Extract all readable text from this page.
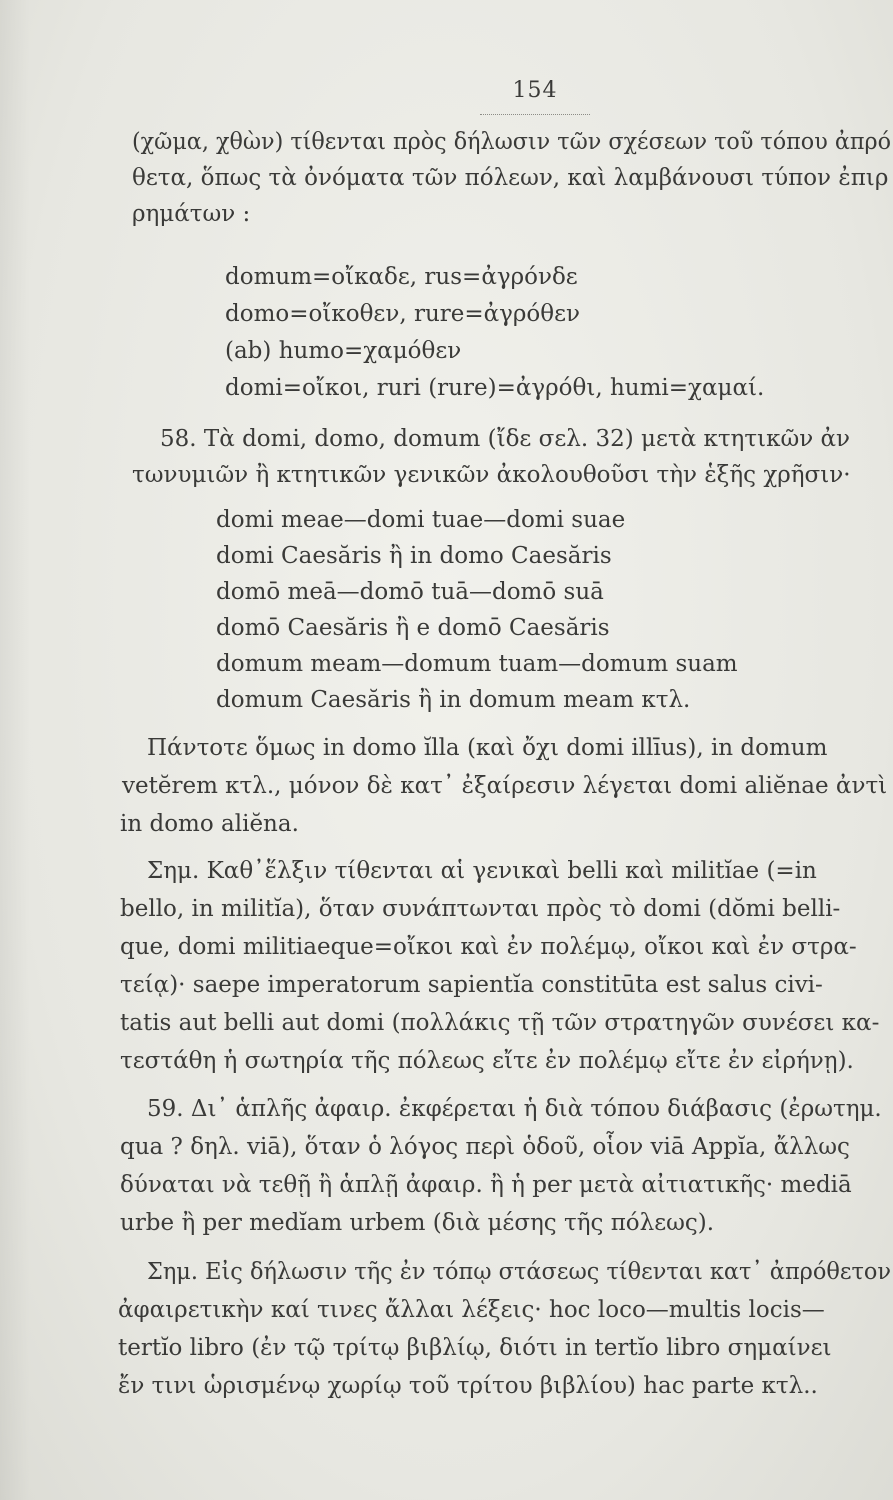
154
(χῶμα, χθὼν) τίθενται πρὸς δήλωσιν τῶν σχέσεων τοῦ τόπου ἀπρό
θετα, ὅπως τὰ ὀνόματα τῶν πόλεων, καὶ λαμβάνουσι τύπον ἐπιρ
ρημάτων :
domum=οἴκαδε, rus=ἀγρόνδε
domo=οἴκοθεν, rure=ἀγρόθεν
(ab) humo=χαμόθεν
domi=οἴκοι, ruri (rure)=ἀγρόθι, humi=χαμαί.
58. Τὰ domi, domo, domum (ἴδε σελ. 32) μετὰ κτητικῶν ἀν
τωνυμιῶν ἢ κτητικῶν γενικῶν ἀκολουθοῦσι τὴν ἑξῆς χρῆσιν·
domi meae—domi tuae—domi suae
domi Caesăris ἢ in domo Caesăris
domō meā—domō tuā—domō suā
domō Caesăris ἢ e domō Caesăris
domum meam—domum tuam—domum suam
domum Caesăris ἢ in domum meam κτλ.
Πάντοτε ὅμως in domo ĭlla (καὶ ὄχι domi illīus), in domum
vetĕrem κτλ., μόνον δὲ κατ᾽ ἐξαίρεσιν λέγεται domi aliĕnae ἀντὶ
in domo aliĕna.
Σημ. Καθ᾽ἕλξιν τίθενται αἱ γενικαὶ belli καὶ militĭae (=in
bello, in militĭa), ὅταν συνάπτωνται πρὸς τὸ domi (dŏmi belli-
que, domi militiaeque=οἴκοι καὶ ἐν πολέμῳ, οἴκοι καὶ ἐν στρα-
τείᾳ)· saepe imperatorum sapientĭa constitūta est salus civi-
tatis aut belli aut domi (πολλάκις τῇ τῶν στρατηγῶν συνέσει κα-
τεστάθη ἡ σωτηρία τῆς πόλεως εἴτε ἐν πολέμῳ εἴτε ἐν εἰρήνῃ).
59. Δι᾽ ἁπλῆς ἀφαιρ. ἐκφέρεται ἡ διὰ τόπου διάβασις (ἐρωτημ.
qua ? δηλ. viā), ὅταν ὁ λόγος περὶ ὁδοῦ, οἷον viā Appĭa, ἄλλως
δύναται νὰ τεθῇ ἢ ἁπλῇ ἀφαιρ. ἢ ἡ per μετὰ αἰτιατικῆς· mediā
urbe ἢ per medĭam urbem (διὰ μέσης τῆς πόλεως).
Σημ. Εἰς δήλωσιν τῆς ἐν τόπῳ στάσεως τίθενται κατ᾽ ἀπρόθετον
ἀφαιρετικὴν καί τινες ἄλλαι λέξεις· hoc loco—multis locis—
tertĭo libro (ἐν τῷ τρίτῳ βιβλίῳ, διότι in tertĭo libro σημαίνει
ἔν τινι ὡρισμένῳ χωρίῳ τοῦ τρίτου βιβλίου) hac parte κτλ..
